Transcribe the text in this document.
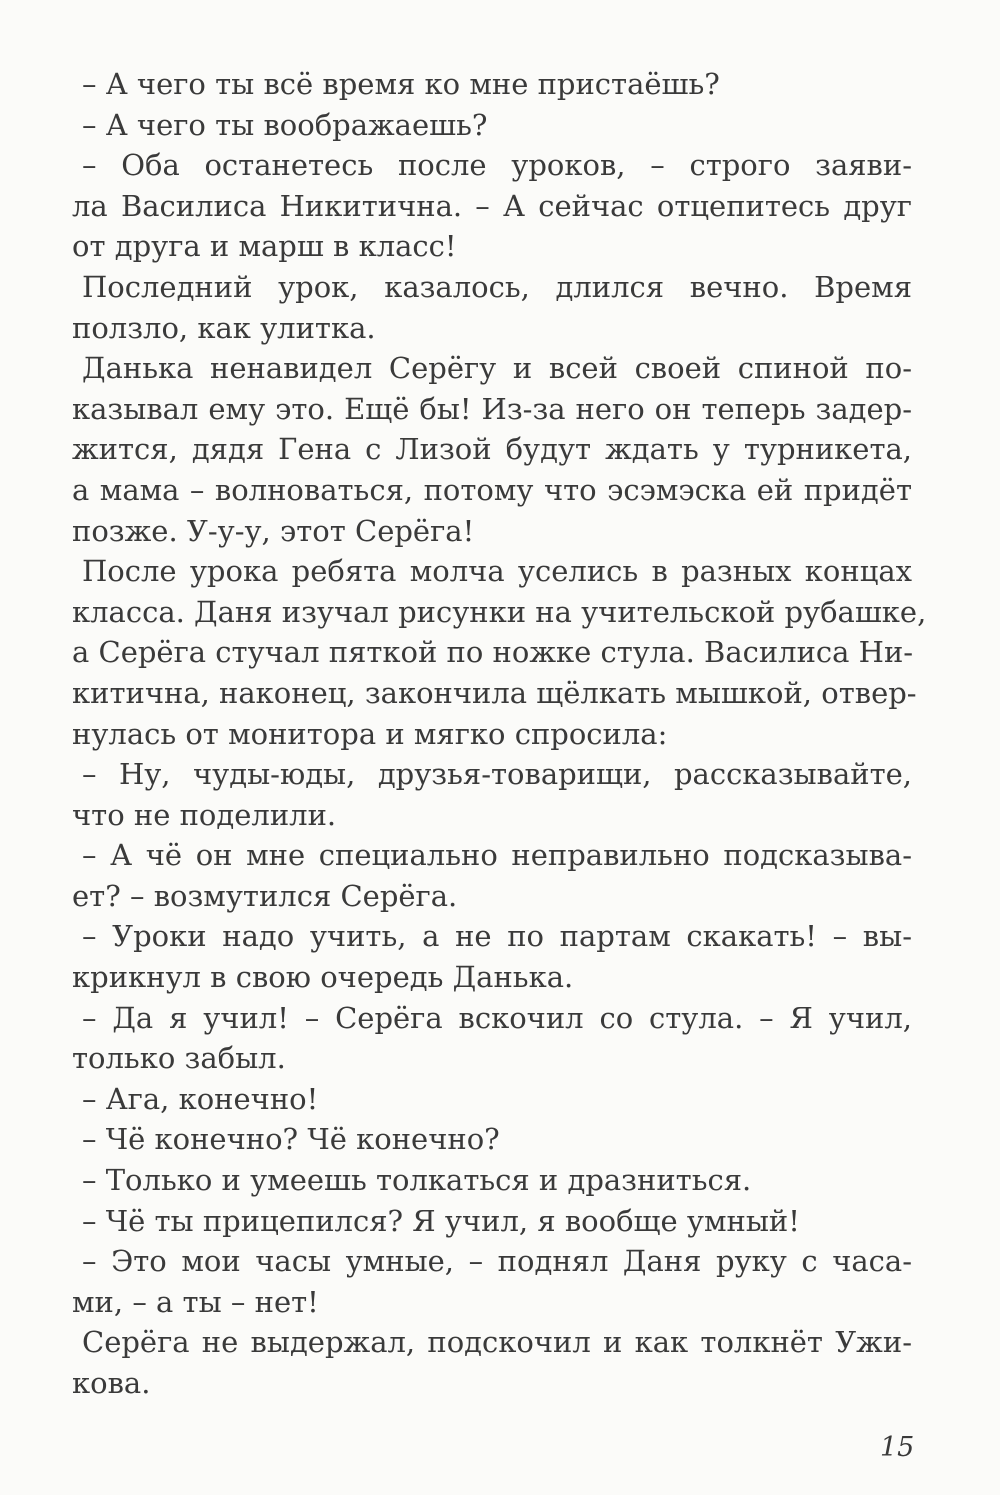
– А чего ты всё время ко мне пристаёшь?
– А чего ты воображаешь?
– Оба останетесь после уроков, – строго заяви-
ла Василиса Никитична. – А сейчас отцепитесь друг
от друга и марш в класс!
Последний урок, казалось, длился вечно. Время
ползло, как улитка.
Данька ненавидел Серёгу и всей своей спиной по-
казывал ему это. Ещё бы! Из-за него он теперь задер-
жится, дядя Гена с Лизой будут ждать у турникета,
а мама – волноваться, потому что эсэмэска ей придёт
позже. У-у-у, этот Серёга!
После урока ребята молча уселись в разных концах
класса. Даня изучал рисунки на учительской рубашке,
а Серёга стучал пяткой по ножке стула. Василиса Ни-
китична, наконец, закончила щёлкать мышкой, отвер-
нулась от монитора и мягко спросила:
– Ну, чуды-юды, друзья-товарищи, рассказывайте,
что не поделили.
– А чё он мне специально неправильно подсказыва-
ет? – возмутился Серёга.
– Уроки надо учить, а не по партам скакать! – вы-
крикнул в свою очередь Данька.
– Да я учил! – Серёга вскочил со стула. – Я учил,
только забыл.
– Ага, конечно!
– Чё конечно? Чё конечно?
– Только и умеешь толкаться и дразниться.
– Чё ты прицепился? Я учил, я вообще умный!
– Это мои часы умные, – поднял Даня руку с часа-
ми, – а ты – нет!
Серёга не выдержал, подскочил и как толкнёт Ужи-
кова.
15
